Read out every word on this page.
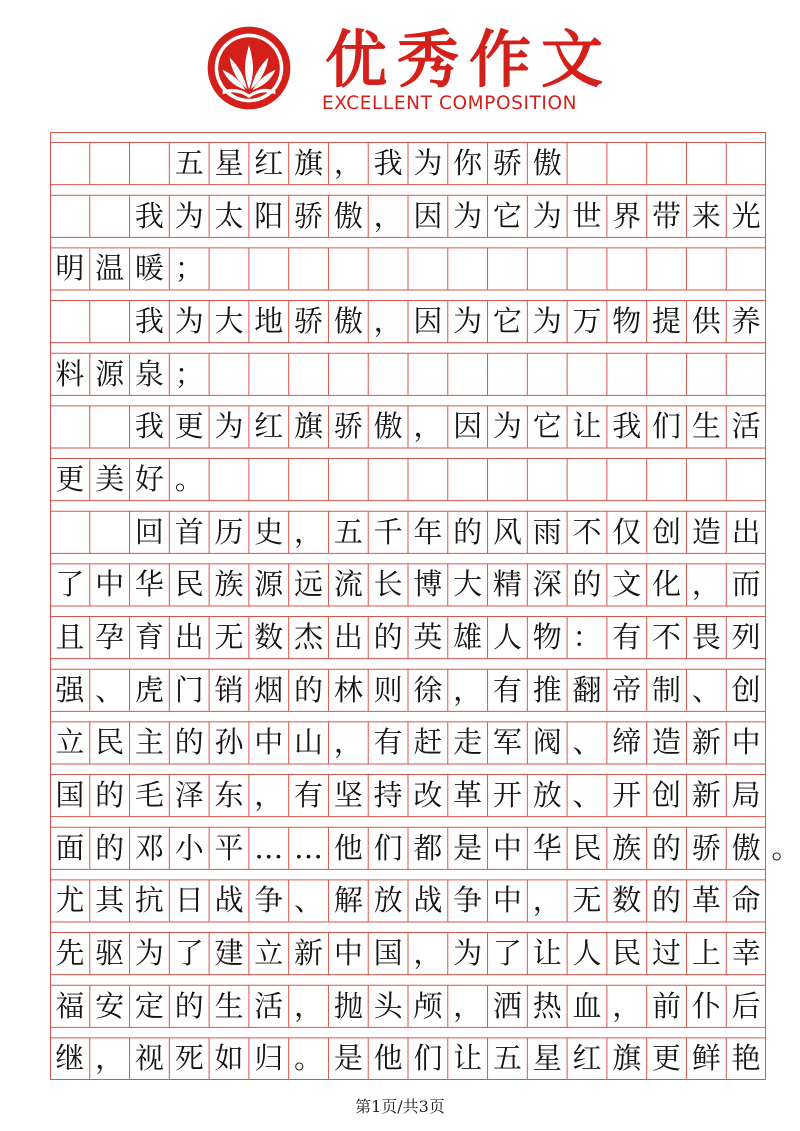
优秀作文
EXCELLENT COMPOSITION
五 星 红 旗 ， 我 为 你 骄 傲
我 为 太 阳 骄 傲 ， 因 为 它 为 世 界 带 来 光
明 温 暖 ；
我 为 大 地 骄 傲 ， 因 为 它 为 万 物 提 供 养
料 源 泉 ；
我 更 为 红 旗 骄 傲 ， 因 为 它 让 我 们 生 活
更 美 好 。
回 首 历 史 ， 五 千 年 的 风 雨 不 仅 创 造 出
了 中 华 民 族 源 远 流 长 博 大 精 深 的 文 化 ， 而
且 孕 育 出 无 数 杰 出 的 英 雄 人 物 ： 有 不 畏 列
强 、 虎 门 销 烟 的 林 则 徐 ， 有 推 翻 帝 制 、 创
立 民 主 的 孙 中 山 ， 有 赶 走 军 阀 、 缔 造 新 中
国 的 毛 泽 东 ， 有 坚 持 改 革 开 放 、 开 创 新 局
面 的 邓 小 平 … … 他 们 都 是 中 华 民 族 的 骄 傲 。
尤 其 抗 日 战 争 、 解 放 战 争 中 ， 无 数 的 革 命
先 驱 为 了 建 立 新 中 国 ， 为 了 让 人 民 过 上 幸
福 安 定 的 生 活 ， 抛 头 颅 ， 洒 热 血 ， 前 仆 后
继 ， 视 死 如 归 。 是 他 们 让 五 星 红 旗 更 鲜 艳
第1页/共3页
